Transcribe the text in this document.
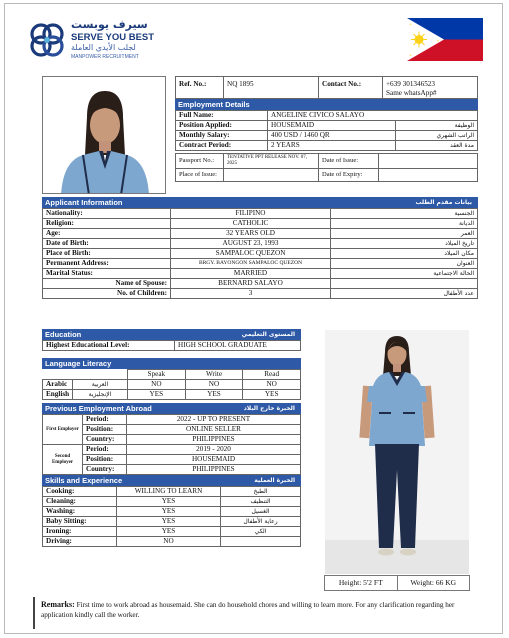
سيرف يوبست
SERVE YOU BEST
لجلب الأيدي العاملة
MANPOWER RECRUITMENT
Ref. No.:	NQ 1895	Contact No.:	+639 301346523
Same whatsApp#
Employment Details
Full Name:	ANGELINE CIVICO SALAYO	
Position Applied:	HOUSEMAID	الوظيفة
Monthly Salary:	400 USD / 1460 QR	الراتب الشهري
Contract Period:	2 YEARS	مدة العقد
Passport No.:	TENTATIVE PPT RELEASE NOV. 07, 2025	Date of Issue:	
Place of Issue:		Date of Expiry:	
Applicant Information	بيانات مقدم الطلب
Nationality:	FILIPINO	الجنسية
Religion:	CATHOLIC	الديانة
Age:	32 YEARS OLD	العمر
Date of Birth:	AUGUST 23, 1993	تاريخ الميلاد
Place of Birth:	SAMPALOC QUEZON	مكان الميلاد
Permanent Address:	BRGY. BAYONGON SAMPALOC QUEZON	العنوان
Marital Status:	MARRIED	الحالة الاجتماعية
Name of Spouse:	BERNARD SALAYO	
No. of Children:	3	عدد الأطفال
Education	المستوى التعليمي
Highest Educational Level:	HIGH SCHOOL GRADUATE
Language Literacy
		Speak	Write	Read
Arabic	العربية	NO	NO	NO
English	الإنجليزية	YES	YES	YES
Previous Employment Abroad	الخبرة خارج البلاد
First Employer	Period:	2022 - UP TO PRESENT
	Position:	ONLINE SELLER
	Country:	PHILIPPINES
Second Employer	Period:	2019 - 2020
	Position:	HOUSEMAID
	Country:	PHILIPPINES
Skills and Experience	الخبرة العملية
Cooking:	WILLING TO LEARN	الطبخ
Cleaning:	YES	التنظيف
Washing:	YES	الغسيل
Baby Sitting:	YES	رعاية الأطفال
Ironing:	YES	الكي
Driving:	NO	
Height: 5'2 FT	Weight: 66 KG
Remarks: First time to work abroad as housemaid. She can do household chores and willing to learn more. For any clarification regarding her application kindly call the worker.
